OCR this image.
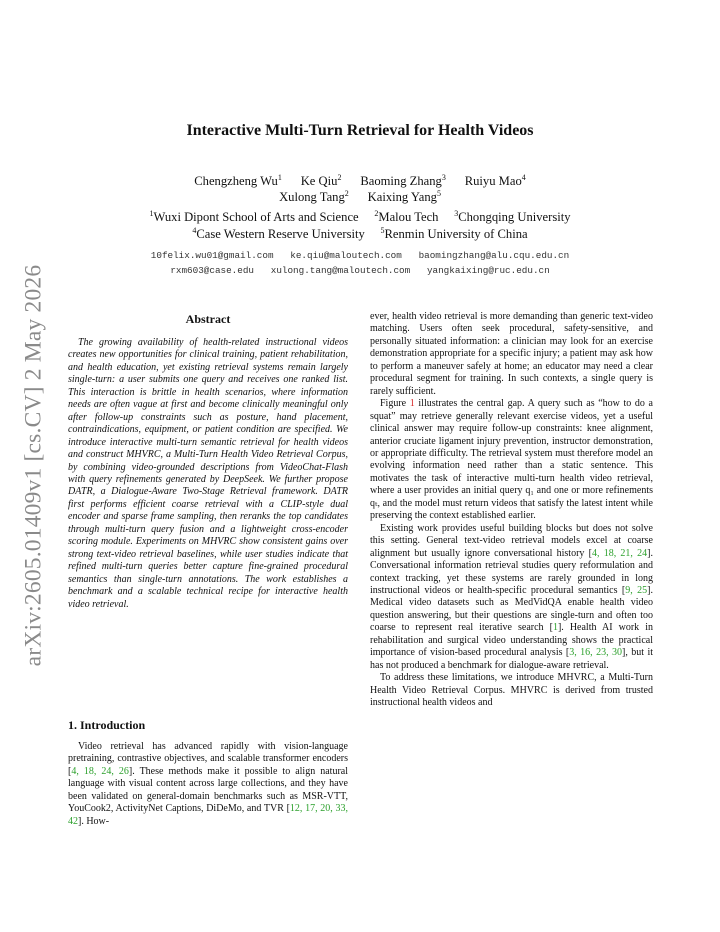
arXiv:2605.01409v1 [cs.CV] 2 May 2026
Interactive Multi-Turn Retrieval for Health Videos
Chengzheng Wu$^1$ Ke Qiu$^2$ Baoming Zhang$^3$ Ruiyu Mao$^4$
Xulong Tang$^2$ Kaixing Yang$^5$
$^1$Wuxi Dipont School of Arts and Science $^2$Malou Tech $^3$Chongqing University
$^4$Case Western Reserve University $^5$Renmin University of China
10felix.wu01@gmail.com   ke.qiu@maloutech.com   baomingzhang@alu.cqu.edu.cn
rxm603@case.edu   xulong.tang@maloutech.com   yangkaixing@ruc.edu.cn
Abstract

The growing availability of health-related instructional videos creates new opportunities for clinical training, patient rehabilitation, and health education, yet existing retrieval systems remain largely single-turn: a user submits one query and receives one ranked list. This interaction is brittle in health scenarios, where information needs are often vague at first and become clinically meaningful only after follow-up constraints such as posture, hand placement, contraindications, equipment, or patient condition are specified. We introduce interactive multi-turn semantic retrieval for health videos and construct MHVRC, a Multi-Turn Health Video Retrieval Corpus, by combining video-grounded descriptions from VideoChat-Flash with query refinements generated by DeepSeek. We further propose DATR, a Dialogue-Aware Two-Stage Retrieval framework. DATR first performs efficient coarse retrieval with a CLIP-style dual encoder and sparse frame sampling, then reranks the top candidates through multi-turn query fusion and a lightweight cross-encoder scoring module. Experiments on MHVRC show consistent gains over strong text-video retrieval baselines, while user studies indicate that refined multi-turn queries better capture fine-grained procedural semantics than single-turn annotations. The work establishes a benchmark and a scalable technical recipe for interactive health video retrieval.

1. Introduction

Video retrieval has advanced rapidly with vision-language pretraining, contrastive objectives, and scalable transformer encoders [4, 18, 24, 26]. These methods make it possible to align natural language with visual content across large collections, and they have been validated on general-domain benchmarks such as MSR-VTT, YouCook2, ActivityNet Captions, DiDeMo, and TVR [12, 17, 20, 33, 42]. How-

ever, health video retrieval is more demanding than generic text-video matching. Users often seek procedural, safety-sensitive, and personally situated information: a clinician may look for an exercise demonstration appropriate for a specific injury; a patient may ask how to perform a maneuver safely at home; an educator may need a clear procedural segment for training. In such contexts, a single query is rarely sufficient.

Figure 1 illustrates the central gap. A query such as “how to do a squat” may retrieve generally relevant exercise videos, yet a useful clinical answer may require follow-up constraints: knee alignment, anterior cruciate ligament injury prevention, instructor demonstration, or appropriate difficulty. The retrieval system must therefore model an evolving information need rather than a static sentence. This motivates the task of interactive multi-turn health video retrieval, where a user provides an initial query q₁ and one or more refinements qₜ, and the model must return videos that satisfy the latest intent while preserving the context established earlier.

Existing work provides useful building blocks but does not solve this setting. General text-video retrieval models excel at coarse alignment but usually ignore conversational history [4, 18, 21, 24]. Conversational information retrieval studies query reformulation and context tracking, yet these systems are rarely grounded in long instructional videos or health-specific procedural semantics [9, 25]. Medical video datasets such as MedVidQA enable health video question answering, but their questions are single-turn and often too coarse to represent real iterative search [1]. Health AI work in rehabilitation and surgical video understanding shows the practical importance of vision-based procedural analysis [3, 16, 23, 30], but it has not produced a benchmark for dialogue-aware retrieval.

To address these limitations, we introduce MHVRC, a Multi-Turn Health Video Retrieval Corpus. MHVRC is derived from trusted instructional health videos and
